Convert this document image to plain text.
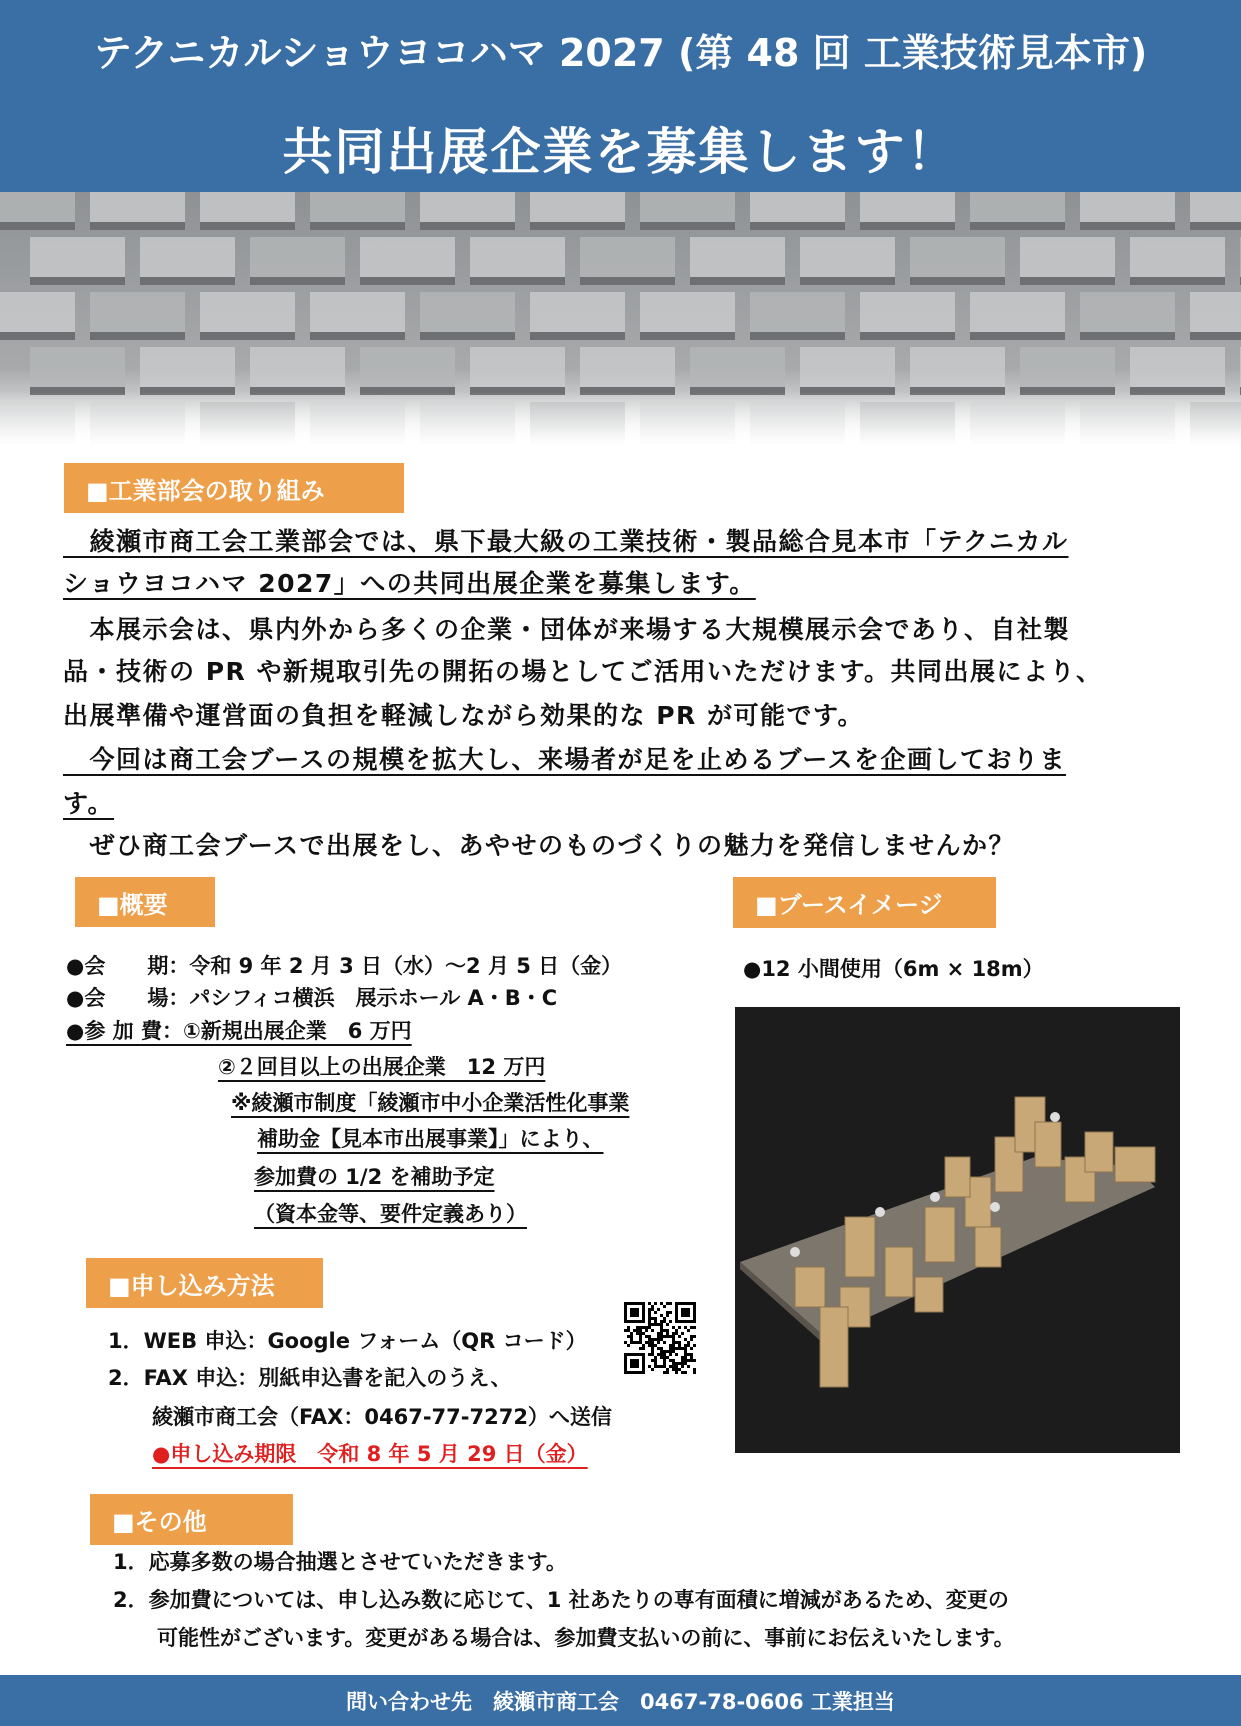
テクニカルショウヨコハマ 2027 (第 48 回 工業技術見本市)
共同出展企業を募集します！
■工業部会の取り組み
　綾瀬市商工会工業部会では、県下最大級の工業技術・製品総合見本市「テクニカル
ショウヨコハマ 2027」への共同出展企業を募集します。
　本展示会は、県内外から多くの企業・団体が来場する大規模展示会であり、自社製
品・技術の PR や新規取引先の開拓の場としてご活用いただけます。共同出展により、
出展準備や運営面の負担を軽減しながら効果的な PR が可能です。
　今回は商工会ブースの規模を拡大し、来場者が足を止めるブースを企画しておりま
す。
　ぜひ商工会ブースで出展をし、あやせのものづくりの魅力を発信しませんか？
■概要
●会　　期：令和 9 年 2 月 3 日（水）～2 月 5 日（金）
●会　　場：パシフィコ横浜　展示ホール A・B・C
●参 加 費：①新規出展企業　6 万円
②２回目以上の出展企業　12 万円
※綾瀬市制度「綾瀬市中小企業活性化事業
補助金【見本市出展事業】」により、
参加費の 1/2 を補助予定
（資本金等、要件定義あり）
■ブースイメージ
●12 小間使用（6m × 18m）
■申し込み方法
1．WEB 申込：Google フォーム（QR コード）
2．FAX 申込：別紙申込書を記入のうえ、
綾瀬市商工会（FAX：0467-77-7272）へ送信
●申し込み期限　令和 8 年 5 月 29 日（金）
■その他
1．応募多数の場合抽選とさせていただきます。
2．参加費については、申し込み数に応じて、1 社あたりの専有面積に増減があるため、変更の
可能性がございます。変更がある場合は、参加費支払いの前に、事前にお伝えいたします。
問い合わせ先　綾瀬市商工会　0467-78-0606 工業担当
